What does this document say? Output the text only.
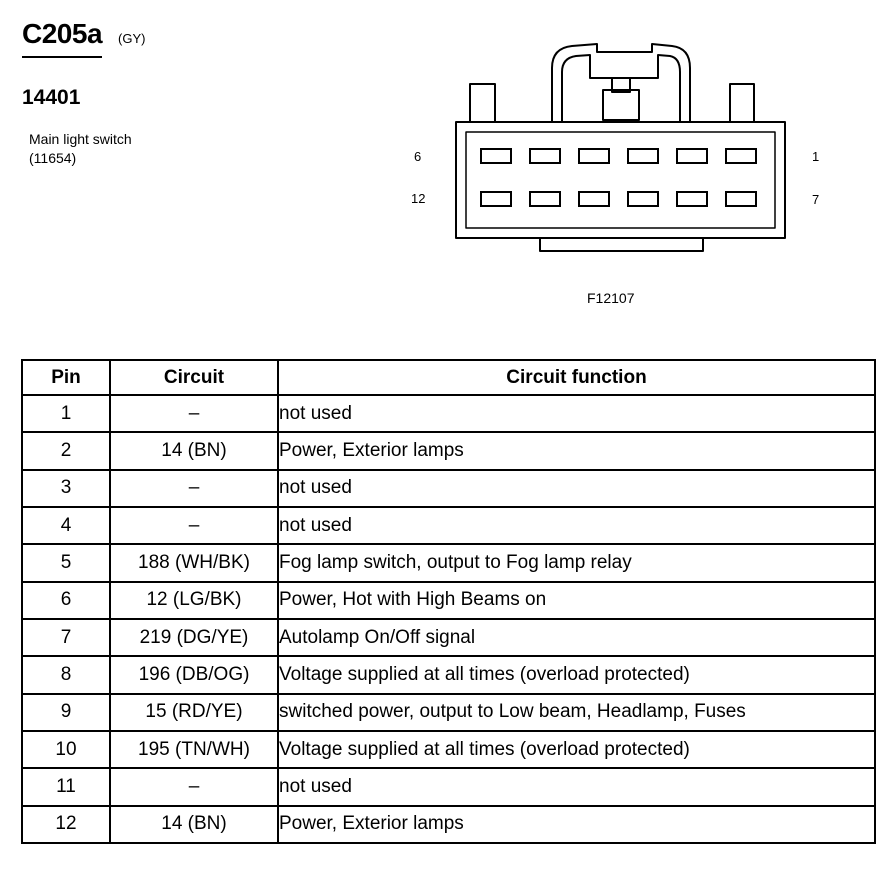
C205a (GY)
14401
Main light switch
(11654)	6	1
12	7
F12107
Pin	Circuit	Circuit function
1	–	not used
2	14 (BN)	Power, Exterior lamps
3	–	not used
4	–	not used
5	188 (WH/BK)	Fog lamp switch, output to Fog lamp relay
6	12 (LG/BK)	Power, Hot with High Beams on
7	219 (DG/YE)	Autolamp On/Off signal
8	196 (DB/OG)	Voltage supplied at all times (overload protected)
9	15 (RD/YE)	switched power, output to Low beam, Headlamp, Fuses
10	195 (TN/WH)	Voltage supplied at all times (overload protected)
11	–	not used
12	14 (BN)	Power, Exterior lamps
